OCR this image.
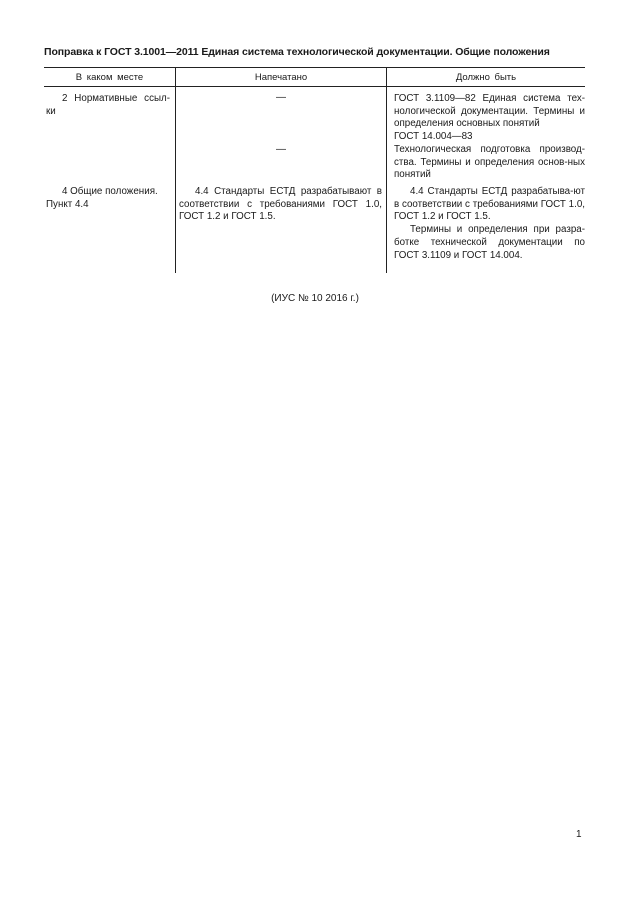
Поправка к ГОСТ 3.1001—2011 Единая система технологической документации. Общие положения
В каком месте	Напечатано	Должно быть
2 Нормативные ссыл-ки
—
—

ГОСТ 3.1109—82 Единая система тех-нологической документации. Термины и определения основных понятий

ГОСТ 14.004—83

Технологическая подготовка производ-ства. Термины и определения основ-ных понятий

4 Общие положения. Пункт 4.4
4.4 Стандарты ЕСТД разрабатывают в соответствии с требованиями ГОСТ 1.0, ГОСТ 1.2 и ГОСТ 1.5.

4.4 Стандарты ЕСТД разрабатыва-ют в соответствии с требованиями ГОСТ 1.0, ГОСТ 1.2 и ГОСТ 1.5.

Термины и определения при разра-ботке технической документации по ГОСТ 3.1109 и ГОСТ 14.004.

(ИУС № 10 2016 г.)
1
